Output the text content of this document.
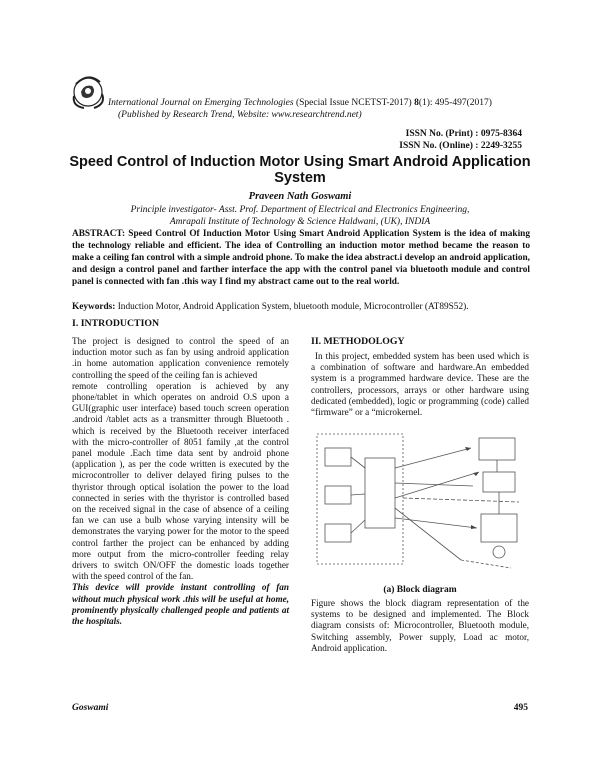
International Journal on Emerging Technologies (Special Issue NCETST-2017) 8(1): 495-497(2017)
(Published by Research Trend, Website: www.researchtrend.net)
ISSN No. (Print) : 0975-8364
ISSN No. (Online) : 2249-3255
Speed Control of Induction Motor Using Smart Android Application System
Praveen Nath Goswami
Principle investigator- Asst. Prof. Department of Electrical and Electronics Engineering,
Amrapali Institute of Technology & Science Haldwani, (UK), INDIA
ABSTRACT: Speed Control Of Induction Motor Using Smart Android Application System is the idea of making the technology reliable and efficient. The idea of Controlling an induction motor method became the reason to make a ceiling fan control with a simple android phone. To make the idea abstract.i develop an android application, and design a control panel and farther interface the app with the control panel via bluetooth module and control panel is connected with fan .this way I find my abstract came out to the real world.
Keywords: Induction Motor, Android Application System, bluetooth module, Microcontroller (AT89S52).
I. INTRODUCTION

The project is designed to control the speed of an induction motor such as fan by using android application .in home automation application convenience remotely controlling the speed of the ceiling fan is achieved

remote controlling operation is achieved by any phone/tablet in which operates on android O.S upon a GUI(graphic user interface) based touch screen operation .android /tablet acts as a transmitter through Bluetooth . which is received by the Bluetooth receiver interfaced with the micro-controller of 8051 family ,at the control panel module .Each time data sent by android phone (application ), as per the code written is executed by the microcontroller to deliver delayed firing pulses to the thyristor through optical isolation the power to the load connected in series with the thyristor is controlled based on the received signal in the case of absence of a ceiling fan we can use a bulb whose varying intensity will be demonstrates the varying power for the motor to the speed control farther the project can be enhanced by adding more output from the micro-controller feeding relay drivers to switch ON/OFF the domestic loads together with the speed control of the fan.

This device will provide instant controlling of fan without much physical work .this will be useful at home, prominently physically challenged people and patients at the hospitals.

II. METHODOLOGY

In this project, embedded system has been used which is a combination of software and hardware.An embedded system is a programmed hardware device. These are the controllers, processors, arrays or other hardware using dedicated (embedded), logic or programming (code) called “firmware” or a “microkernel.

(a) Block diagram

Figure shows the block diagram representation of the systems to be designed and implemented. The Block diagram consists of: Microcontroller, Bluetooth module, Switching assembly, Power supply, Load ac motor, Android application.

Goswami	495
